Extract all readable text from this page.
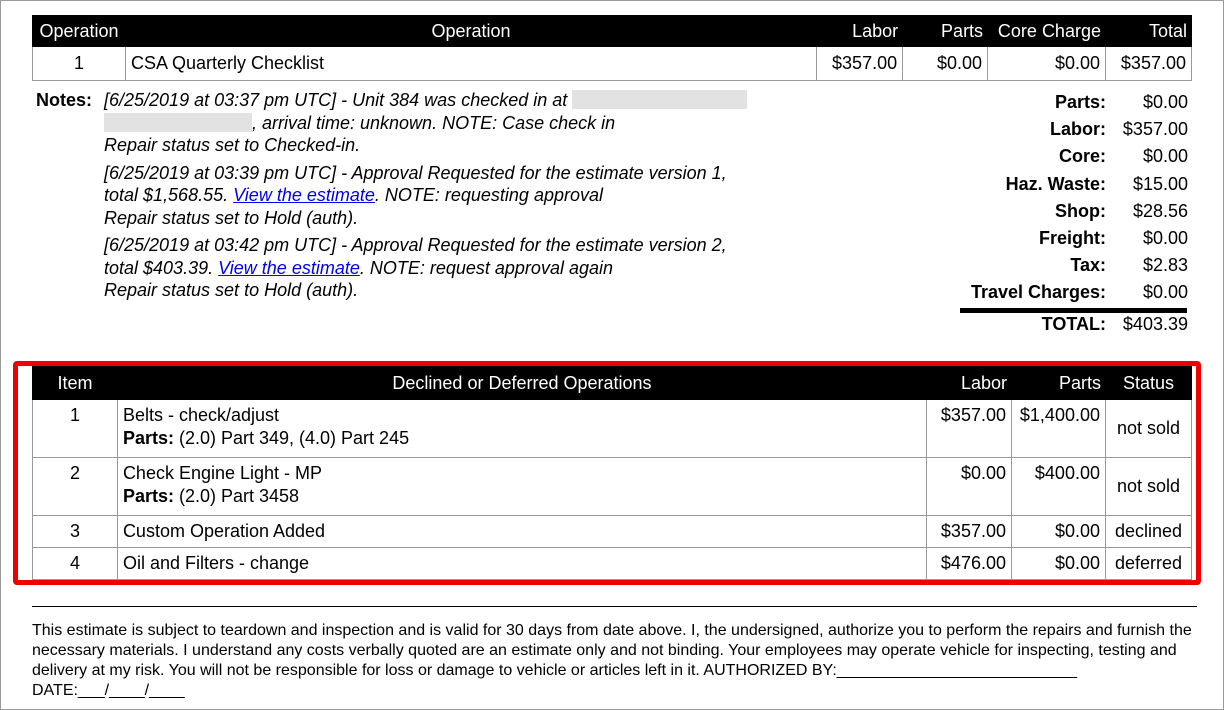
Operation	Operation	Labor	Parts	Core Charge	Total
1	CSA Quarterly Checklist	$357.00	$0.00	$0.00	$357.00
Notes: [6/25/2019 at 03:37 pm UTC] - Unit 384 was checked in at
, arrival time: unknown. NOTE: Case check in
Repair status set to Checked-in.
[6/25/2019 at 03:39 pm UTC] - Approval Requested for the estimate version 1,
total $1,568.55. View the estimate. NOTE: requesting approval
Repair status set to Hold (auth).
[6/25/2019 at 03:42 pm UTC] - Approval Requested for the estimate version 2,
total $403.39. View the estimate. NOTE: request approval again
Repair status set to Hold (auth).
Parts:	$0.00
Labor: $357.00
Core:	$0.00
Haz. Waste:	$15.00
Shop:	$28.56
Freight:	$0.00
Tax:	$2.83
Travel Charges:	$0.00
TOTAL: $403.39
Item	Declined or Deferred Operations	Labor	Parts	Status
1	Belts - check/adjust
Parts: (2.0) Part 349, (4.0) Part 245	$357.00	$1,400.00	not sold
2	Check Engine Light - MP
Parts: (2.0) Part 3458	$0.00	$400.00	not sold
3	Custom Operation Added	$357.00	$0.00	declined
4	Oil and Filters - change	$476.00	$0.00	deferred
This estimate is subject to teardown and inspection and is valid for 30 days from date above. I, the undersigned, authorize you to perform the repairs and furnish the necessary materials. I understand any costs verbally quoted are an estimate only and not binding. Your employees may operate vehicle for inspecting, testing and delivery at my risk. You will not be responsible for loss or damage to vehicle or articles left in it. AUTHORIZED BY:___________________________
DATE:___/____/____
